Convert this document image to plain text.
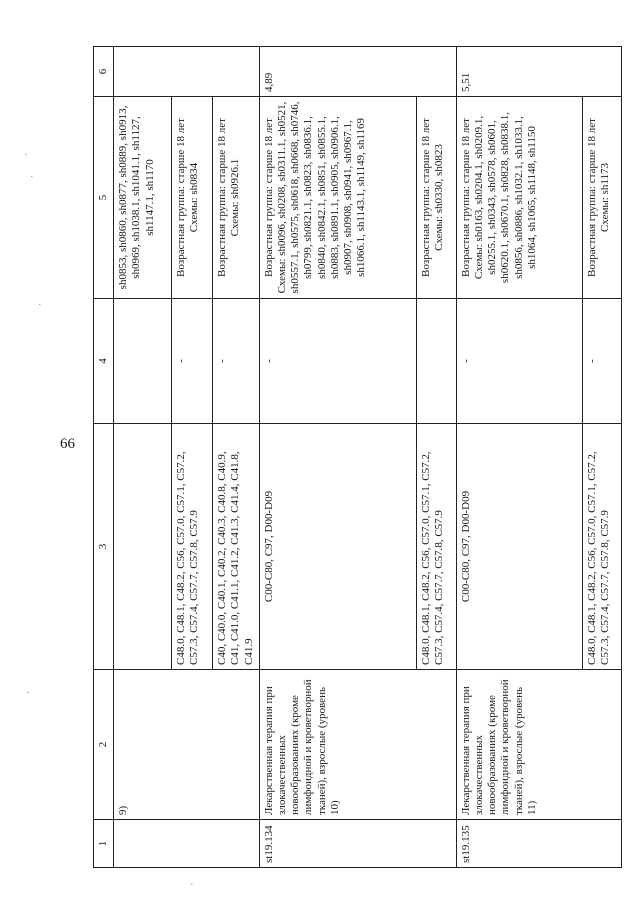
66
·
·
·
·
·
1	2	3	4	5	6
	9)			sh0853, sh0860, sh0877, sh0889, sh0913, sh0969, sh1038.1, sh1041.1, sh1127, sh1147.1, sh1170	
		C48.0, C48.1, C48.2, C56, C57.0, C57.1, C57.2, C57.3, C57.4, C57.7, C57.8, C57.9	-	Возрастная группа: старше 18 лет Схемы: sh0834	
		C40, C40.0, C40.1, C40.2, C40.3, C40.8, C40.9, C41, C41.0, C41.1, C41.2, C41.3, C41.4, C41.8, C41.9	-	Возрастная группа: старше 18 лет Схемы: sh0926.1	
st19.134	Лекарственная терапия при злокачественных новообразованиях (кроме лимфоидной и кроветворной тканей), взрослые (уровень 10)	C00-C80, C97, D00-D09	-	Возрастная группа: старше 18 лет Схемы: sh0096, sh0208, sh0311.1, sh0521, sh0557.1, sh0575, sh0618, sh0668, sh0746, sh0799, sh0821.1, sh0823, sh0836.1, sh0840, sh0842.1, sh0851, sh0855.1, sh0883, sh0891.1, sh0905, sh0906.1, sh0907, sh0908, sh0941, sh0967.1, sh1066.1, sh1143.1, sh1149, sh1169	4,89
		C48.0, C48.1, C48.2, C56, C57.0, C57.1, C57.2, C57.3, C57.4, C57.7, C57.8, C57.9		Возрастная группа: старше 18 лет Схемы: sh0330, sh0823	
st19.135	Лекарственная терапия при злокачественных новообразованиях (кроме лимфоидной и кроветворной тканей), взрослые (уровень 11)	C00-C80, C97, D00-D09	-	Возрастная группа: старше 18 лет Схемы: sh0163, sh0204.1, sh0209.1, sh0255.1, sh0343, sh0578, sh0601, sh0620.1, sh0670.1, sh0828, sh0838.1, sh0856, sh0886, sh1032.1, sh1033.1, sh1064, sh1065, sh1148, sh1150	5,51
		C48.0, C48.1, C48.2, C56, C57.0, C57.1, C57.2, C57.3, C57.4, C57.7, C57.8, C57.9	-	Возрастная группа: старше 18 лет Схемы: sh1173	
